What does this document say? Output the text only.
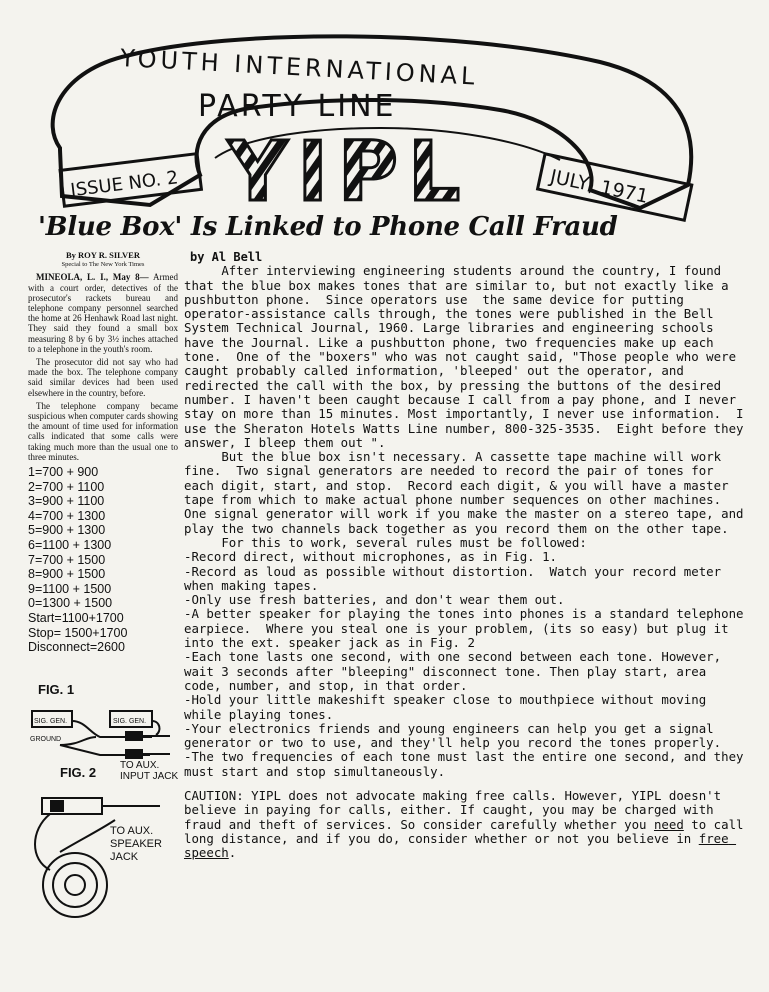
YOUTH INTERNATIONAL
PARTY LINE
ISSUE NO. 2	JULY, 1971
YIPL
'Blue Box' Is Linked to Phone Call Fraud
By ROY R. SILVER
Special to The New York Times

MINEOLA, L. I., May 8— Armed with a court order, detectives of the prosecutor's rackets bureau and telephone company personnel searched the home at 26 Henhawk Road last night. They said they found a small box measuring 8 by 6 by 3½ inches attached to a telephone in the youth's room.

The prosecutor did not say who had made the box. The telephone company said similar devices had been used elsewhere in the country, before.

The telephone company became suspicious when computer cards showing the amount of time used for information calls indicated that some calls were taking much more than the usual one to three minutes.

1=700 + 900
2=700 + 1100
3=900 + 1100
4=700 + 1300
5=900 + 1300
6=1100 + 1300
7=700 + 1500
8=900 + 1500
9=1100 + 1500
0=1300 + 1500
Start=1100+1700
Stop= 1500+1700
Disconnect=2600
FIG. 1
SIG. GEN.	SIG. GEN.
GROUND
TO AUX. INPUT JACK
FIG. 2
TO AUX. SPEAKER JACK
by Al Bell

After interviewing engineering students around the country, I found that the blue box makes tones that are similar to, but not exactly like a pushbutton phone.  Since operators use  the same device for putting operator-assistance calls through, the tones were published in the Bell System Technical Journal, 1960. Large libraries and engineering schools have the Journal. Like a pushbutton phone, two frequencies make up each tone.  One of the "boxers" who was not caught said, "Those people who were caught probably called information, 'bleeped' out the operator, and redirected the call with the box, by pressing the buttons of the desired number. I haven't been caught because I call from a pay phone, and I never stay on more than 15 minutes. Most importantly, I never use information.  I use the Sheraton Hotels Watts Line number, 800-325-3535.  Eight before they answer, I bleep them out ".

But the blue box isn't necessary. A cassette tape machine will work fine.  Two signal generators are needed to record the pair of tones for each digit, start, and stop.  Record each digit, & you will have a master tape from which to make actual phone number sequences on other machines. One signal generator will work if you make the master on a stereo tape, and play the two channels back together as you record them on the other tape.

For this to work, several rules must be followed:

-Record direct, without microphones, as in Fig. 1.

-Record as loud as possible without distortion.  Watch your record meter when making tapes.

-Only use fresh batteries, and don't wear them out.

-A better speaker for playing the tones into phones is a standard telephone earpiece.  Where you steal one is your problem, (its so easy) but plug it into the ext. speaker jack as in Fig. 2

-Each tone lasts one second, with one second between each tone. However, wait 3 seconds after "bleeping" disconnect tone. Then play start, area code, number, and stop, in that order.

-Hold your little makeshift speaker close to mouthpiece without moving while playing tones.

-Your electronics friends and young engineers can help you get a signal generator or two to use, and they'll help you record the tones properly.

-The two frequencies of each tone must last the entire one second, and they must start and stop simultaneously.

CAUTION: YIPL does not advocate making free calls. However, YIPL doesn't believe in paying for calls, either. If caught, you may be charged with fraud and theft of services. So consider carefully whether you need to call long distance, and if you do, consider whether or not you believe in free speech.
